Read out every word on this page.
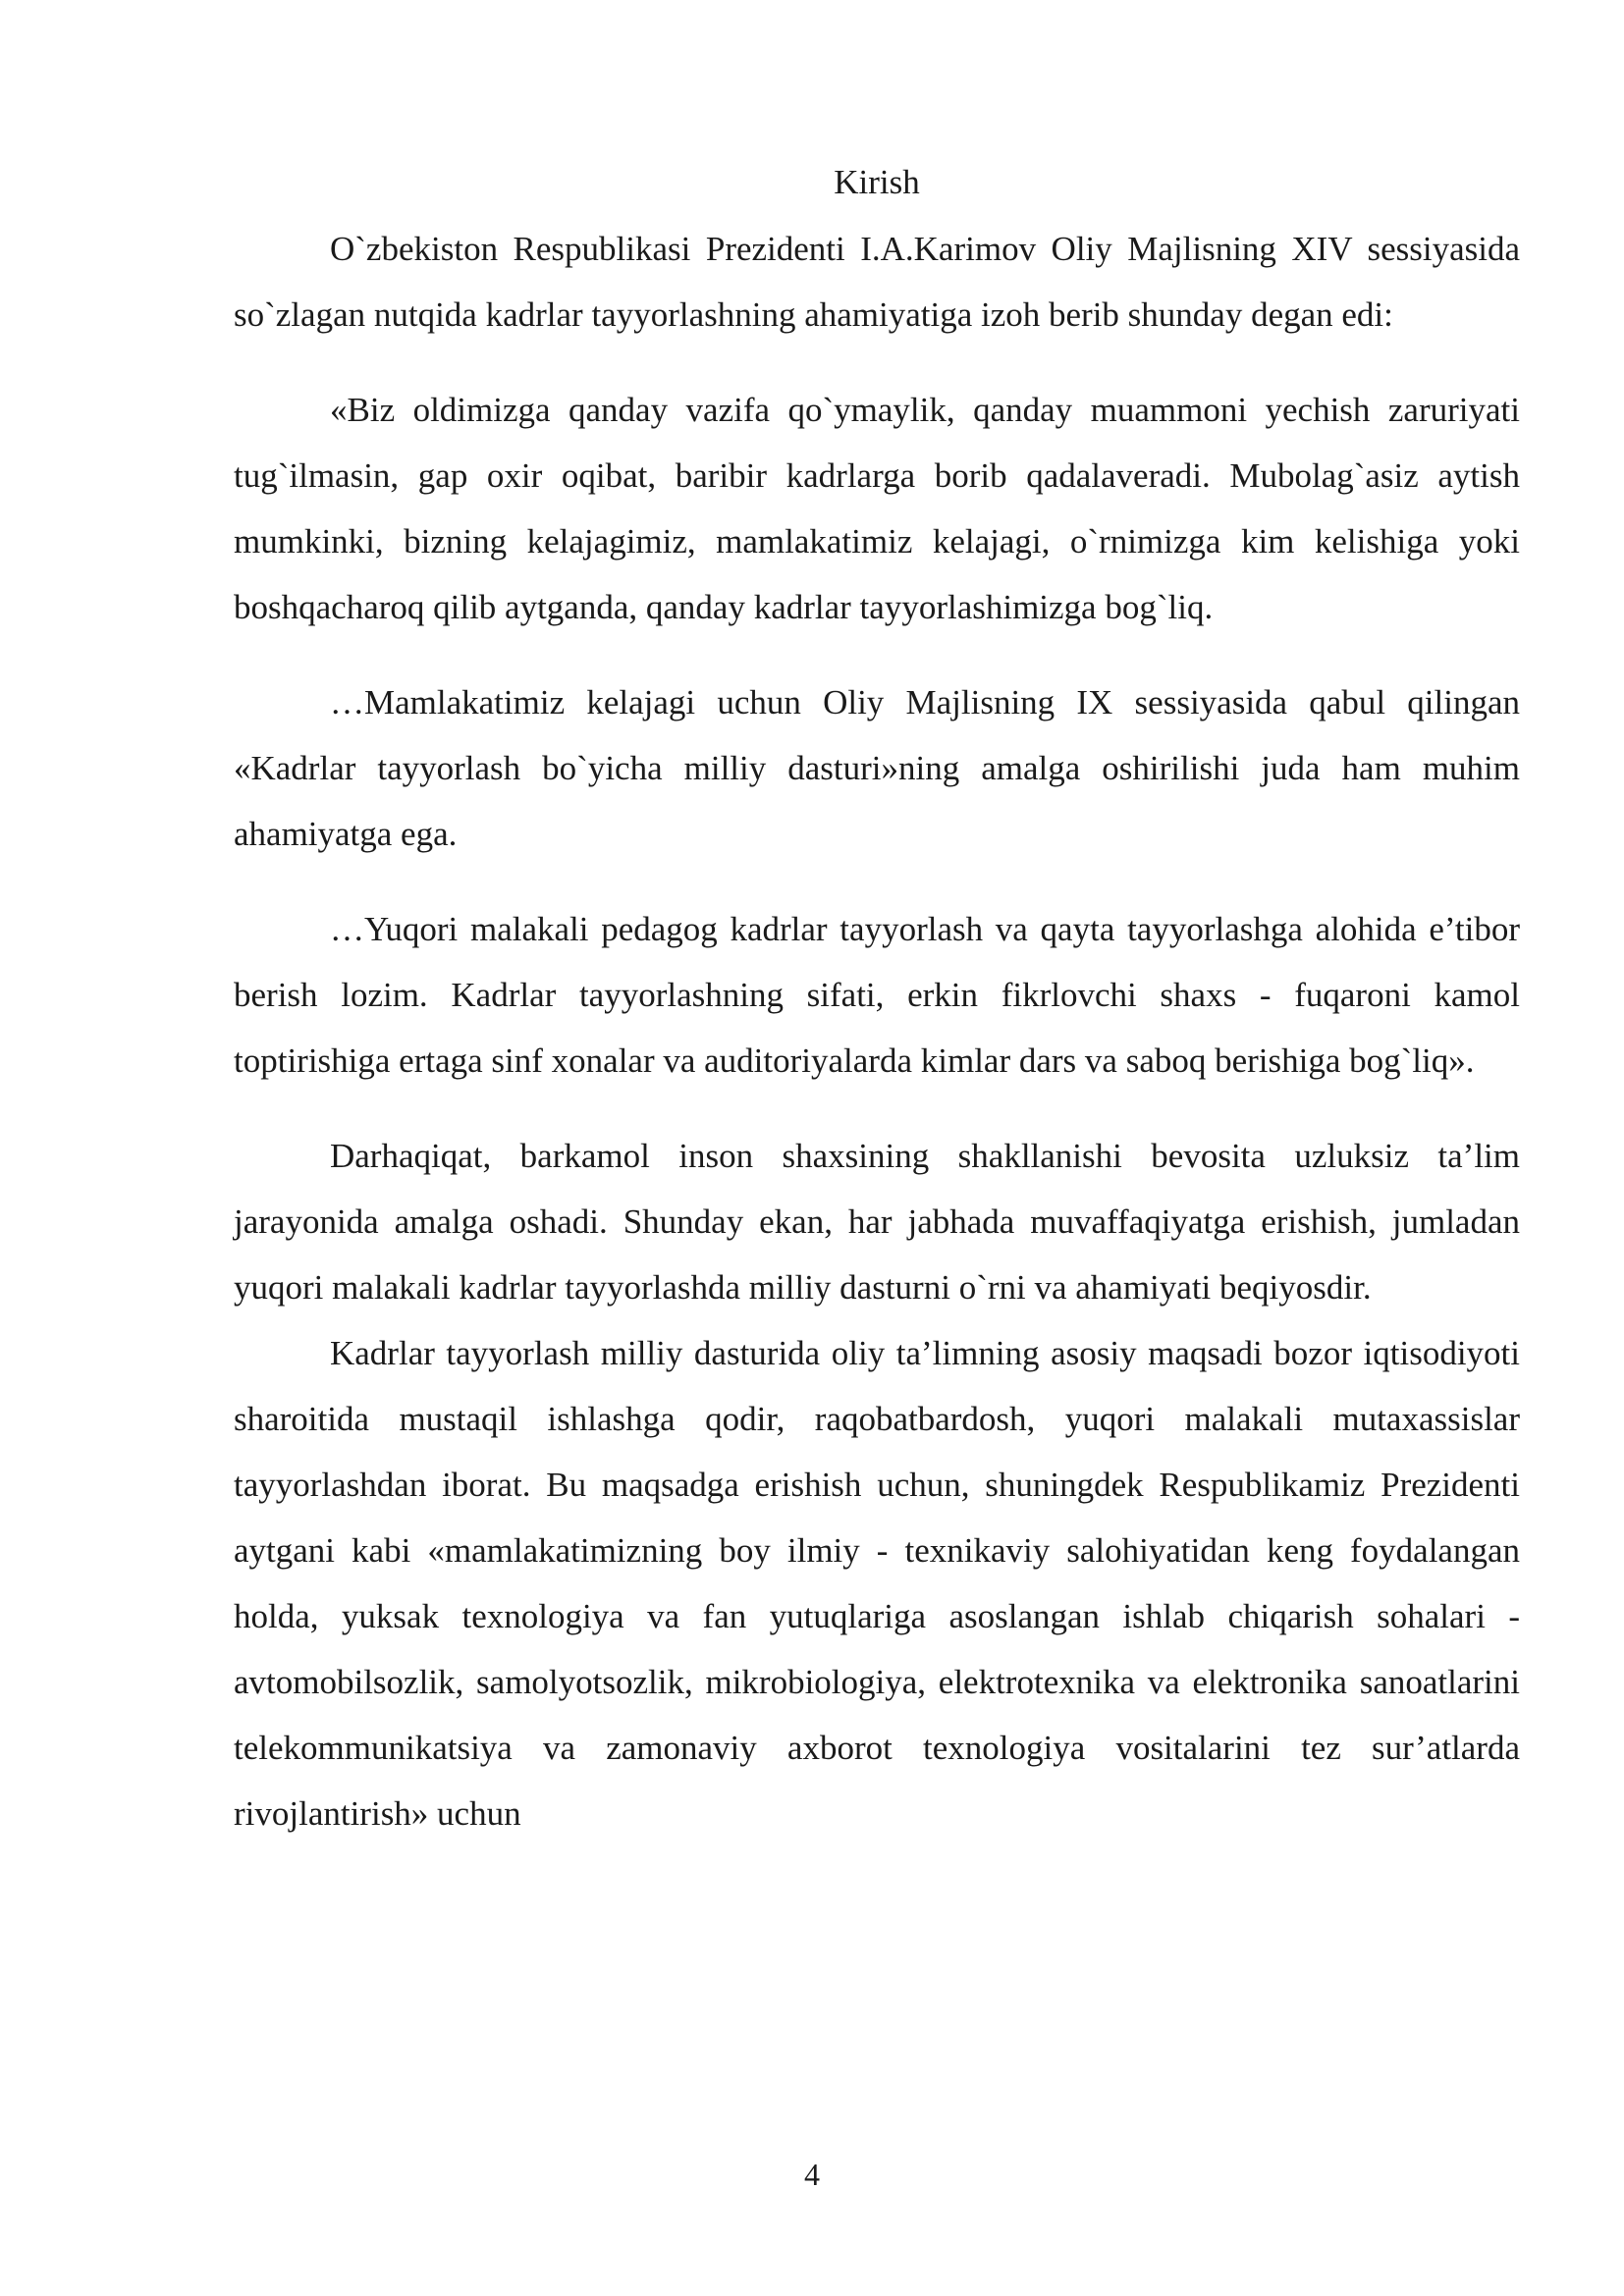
Kirish

O`zbekiston Respublikasi Prezidenti I.A.Karimov Oliy Majlisning XIV sessiyasida so`zlagan nutqida kadrlar tayyorlashning ahamiyatiga izoh berib shunday degan edi:

«Biz oldimizga qanday vazifa qo`ymaylik, qanday muammoni yechish zaruriyati tug`ilmasin, gap oxir oqibat, baribir kadrlarga borib qadalaveradi. Mubolag`asiz aytish mumkinki, bizning kelajagimiz, mamlakatimiz kelajagi, o`rnimizga kim kelishiga yoki boshqacharoq qilib aytganda, qanday kadrlar tayyorlashimizga bog`liq.

…Mamlakatimiz kelajagi uchun Oliy Majlisning IX sessiyasida qabul qilingan «Kadrlar tayyorlash bo`yicha milliy dasturi»ning amalga oshirilishi juda ham muhim ahamiyatga ega.

…Yuqori malakali pedagog kadrlar tayyorlash va qayta tayyorlashga alohida e’tibor berish lozim. Kadrlar tayyorlashning sifati, erkin fikrlovchi shaxs - fuqaroni kamol toptirishiga ertaga sinf xonalar va auditoriyalarda kimlar dars va saboq berishiga bog`liq».

Darhaqiqat, barkamol inson shaxsining shakllanishi bevosita uzluksiz ta’lim jarayonida amalga oshadi. Shunday ekan, har jabhada muvaffaqiyatga erishish, jumladan yuqori malakali kadrlar tayyorlashda milliy dasturni o`rni va ahamiyati beqiyosdir.

Kadrlar tayyorlash milliy dasturida oliy ta’limning asosiy maqsadi bozor iqtisodiyoti sharoitida mustaqil ishlashga qodir, raqobatbardosh, yuqori malakali mutaxassislar tayyorlashdan iborat. Bu maqsadga erishish uchun, shuningdek Respublikamiz Prezidenti aytgani kabi «mamlakatimizning boy ilmiy - texnikaviy salohiyatidan keng foydalangan holda, yuksak texnologiya va fan yutuqlariga asoslangan ishlab chiqarish sohalari - avtomobilsozlik, samolyotsozlik, mikrobiologiya, elektrotexnika va elektronika sanoatlarini telekommunikatsiya va zamonaviy axborot texnologiya vositalarini tez sur’atlarda rivojlantirish» uchun

4
